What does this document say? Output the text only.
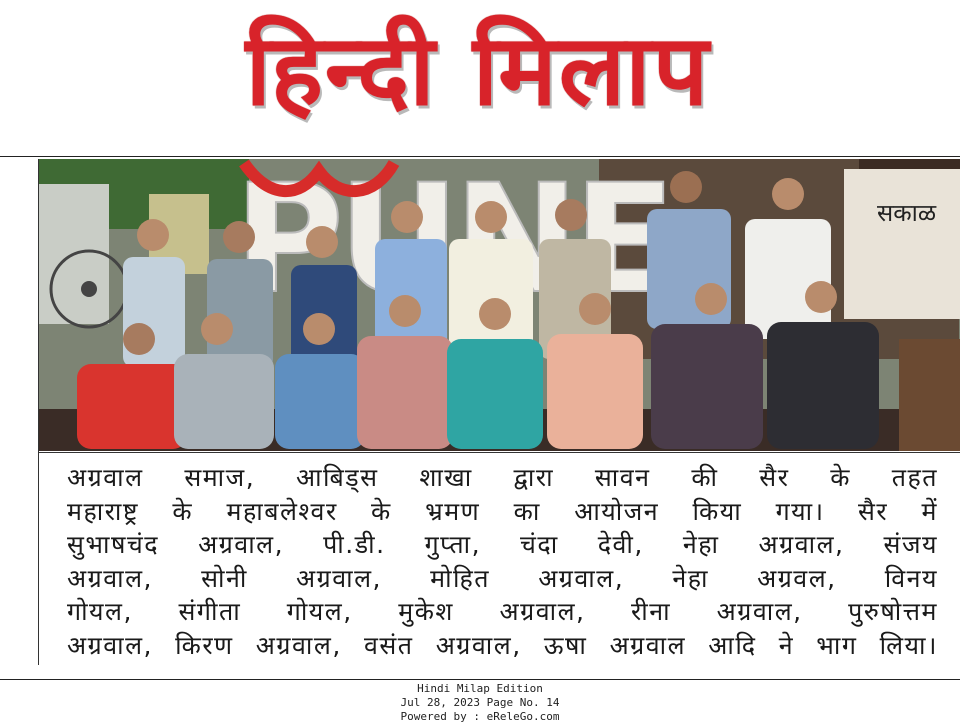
हिन्दी मिलाप
सकाळ

अग्रवाल समाज, आबिड्स शाखा द्वारा सावन की सैर के तहत
महाराष्ट्र के महाबलेश्वर के भ्रमण का आयोजन किया गया। सैर में
सुभाषचंद अग्रवाल, पी.डी. गुप्ता, चंदा देवी, नेहा अग्रवाल, संजय
अग्रवाल, सोनी अग्रवाल, मोहित अग्रवाल, नेहा अग्रवल, विनय
गोयल, संगीता गोयल, मुकेश अग्रवाल, रीना अग्रवाल, पुरुषोत्तम
अग्रवाल, किरण अग्रवाल, वसंत अग्रवाल, ऊषा अग्रवाल आदि ने भाग लिया।

Hindi Milap Edition
Jul 28, 2023 Page No. 14
Powered by : eReleGo.com
